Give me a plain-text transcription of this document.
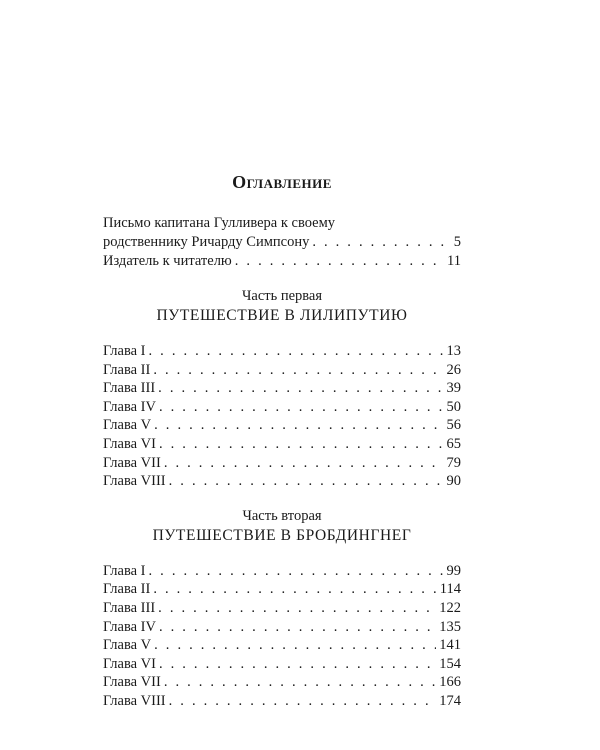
Оглавление
Письмо капитана Гулливера к своему
родственнику Ричарду Симпсону . . .	5
Издатель к читателю . . .	11
Часть первая
ПУТЕШЕСТВИЕ В ЛИЛИПУТИЮ
Глава I . . .	13
Глава II . . .	26
Глава III . . .	39
Глава IV . . .	50
Глава V . . .	56
Глава VI . . .	65
Глава VII . . .	79
Глава VIII . . .	90
Часть вторая
ПУТЕШЕСТВИЕ В БРОБДИНГНЕГ
Глава I . . .	99
Глава II . . .	114
Глава III . . .	122
Глава IV . . .	135
Глава V . . .	141
Глава VI . . .	154
Глава VII . . .	166
Глава VIII . . .	174
